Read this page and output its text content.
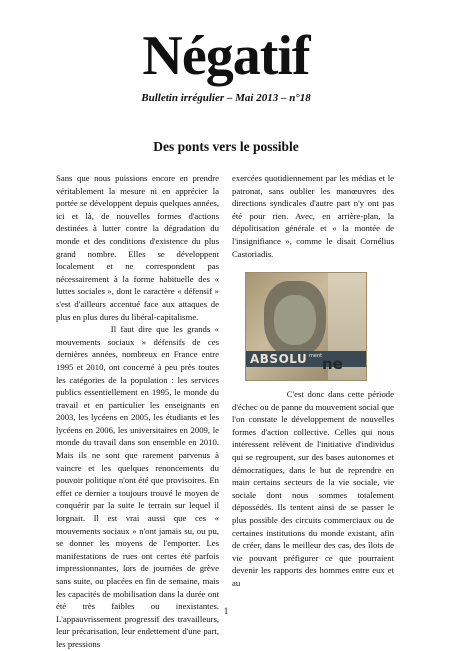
Négatif
Bulletin irrégulier – Mai 2013 – n°18
Des ponts vers le possible

Sans que nous puissions encore en prendre véritablement la mesure ni en apprécier la portée se développent depuis quelques années, ici et là, de nouvelles formes d'actions destinées à lutter contre la dégradation du monde et des conditions d'existence du plus grand nombre. Elles se développent localement et ne correspondent pas nécessairement à la forme habituelle des « luttes sociales », dont le caractère « défensif » s'est d'ailleurs accentué face aux attaques de plus en plus dures du libéral-capitalisme.

Il faut dire que les grands « mouvements sociaux » défensifs de ces dernières années, nombreux en France entre 1995 et 2010, ont concerné à peu près toutes les catégories de la population : les services publics essentiellement en 1995, le monde du travail et en particulier les enseignants en 2003, les lycéens en 2005, les étudiants et les lycéens en 2006, les universitaires en 2009, le monde du travail dans son ensemble en 2010. Mais ils ne sont que rarement parvenus à vaincre et les quelques renoncements du pouvoir politique n'ont été que provisoires. En effet ce dernier a toujours trouvé le moyen de conquérir par la suite le terrain sur lequel il lorgnait. Il est vrai aussi que ces « mouvements sociaux » n'ont jamais su, ou pu, se donner les moyens de l'emporter. Les manifestations de rues ont certes été parfois impressionnantes, lors de journées de grève sans suite, ou placées en fin de semaine, mais les capacités de mobilisation dans la durée ont été très faibles ou inexistantes. L'appauvrissement progressif des travailleurs, leur précarisation, leur endettement d'une part, les pressions

exercées quotidiennement par les médias et le patronat, sans oublier les manœuvres des directions syndicales d'autre part n'y ont pas été pour rien. Avec, en arrière-plan, la dépolitisation générale et « la montée de l'insignifiance », comme le disait Cornélius Castoriadis.

ABSOLU ment ne

C'est donc dans cette période d'échec ou de panne du mouvement social que l'on constate le développement de nouvelles formes d'action collective. Celles qui nous intéressent relèvent de l'initiative d'individus qui se regroupent, sur des bases autonomes et démocratiques, dans le but de reprendre en main certains secteurs de la vie sociale, vie sociale dont nous sommes totalement dépossédés. Ils tentent ainsi de se passer le plus possible des circuits commerciaux ou de certaines institutions du monde existant, afin de créer, dans le meilleur des cas, des îlots de vie pouvant préfigurer ce que pourraient devenir les rapports des hommes entre eux et au

1
